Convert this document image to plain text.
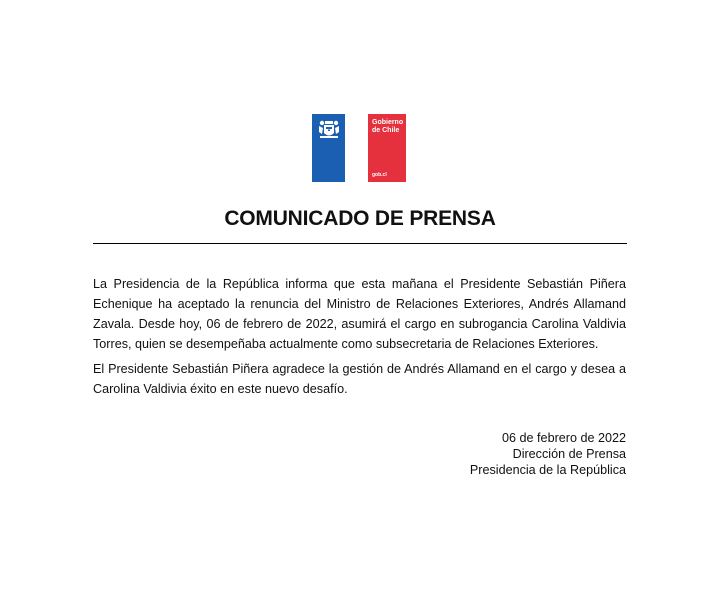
Gobierno
de Chile
gob.cl
COMUNICADO DE PRENSA
La Presidencia de la República informa que esta mañana el Presidente Sebastián Piñera Echenique ha aceptado la renuncia del Ministro de Relaciones Exteriores, Andrés Allamand Zavala. Desde hoy, 06 de febrero de 2022, asumirá el cargo en subrogancia Carolina Valdivia Torres, quien se desempeñaba actualmente como subsecretaria de Relaciones Exteriores.
El Presidente Sebastián Piñera agradece la gestión de Andrés Allamand en el cargo y desea a Carolina Valdivia éxito en este nuevo desafío.
06 de febrero de 2022
Dirección de Prensa
Presidencia de la República
